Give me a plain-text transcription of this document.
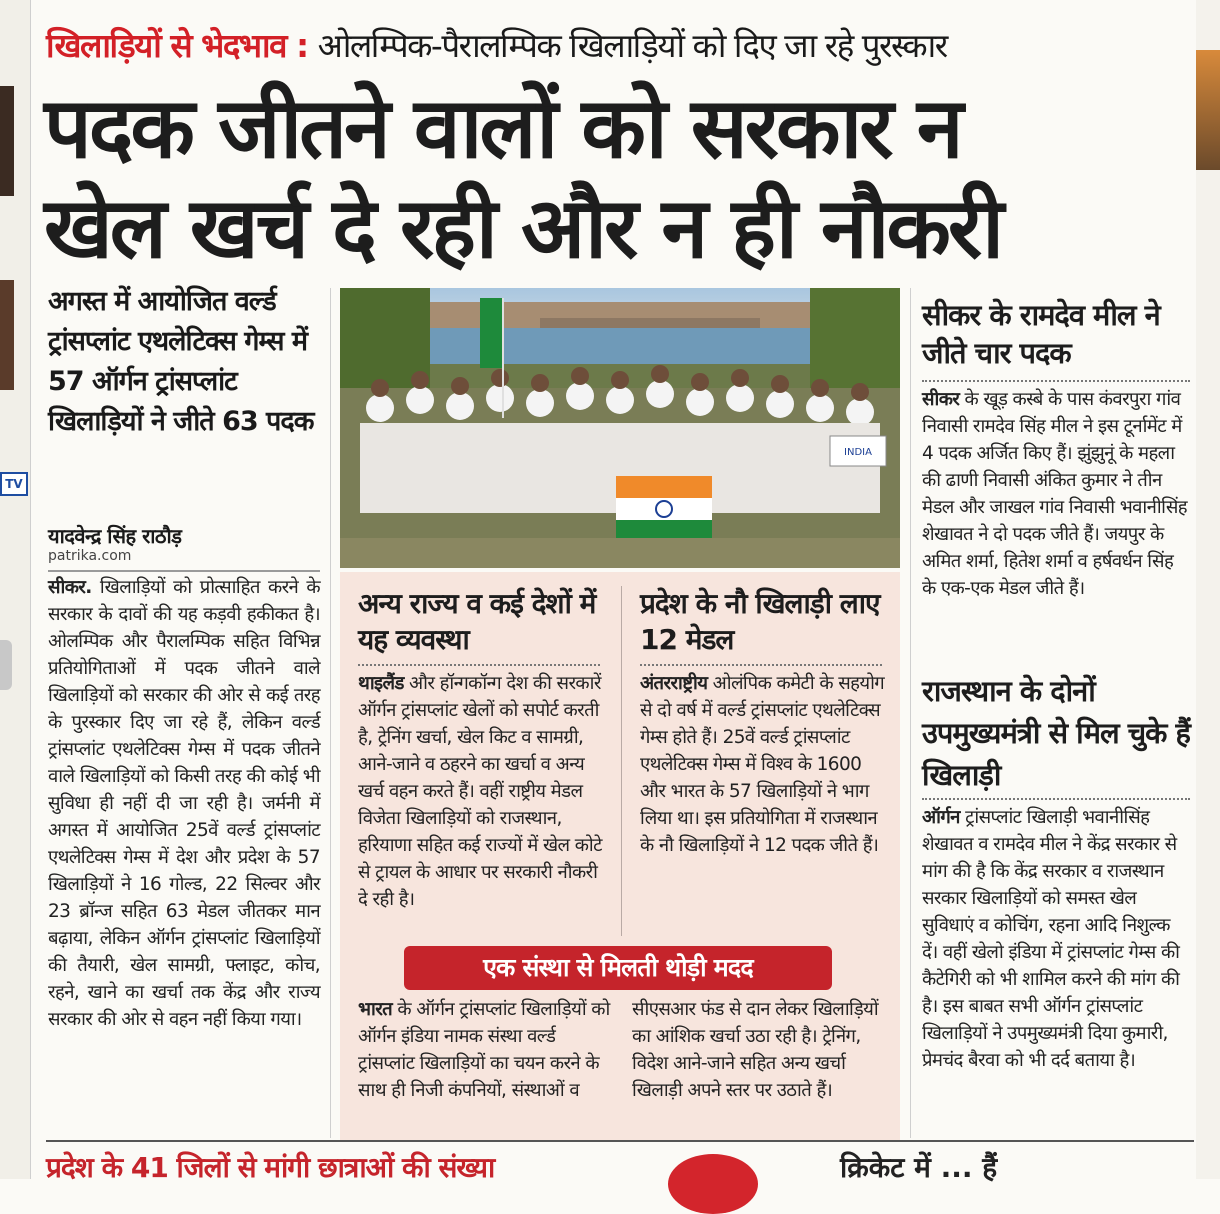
TV
खिलाड़ियों से भेदभाव : ओलम्पिक-पैरालम्पिक खिलाड़ियों को दिए जा रहे पुरस्कार
पदक जीतने वालों को सरकार न
खेल खर्च दे रही और न ही नौकरी
अगस्त में आयोजित वर्ल्ड ट्रांसप्लांट एथलेटिक्स गेम्स में 57 ऑर्गन ट्रांसप्लांट खिलाड़ियों ने जीते 63 पदक
यादवेन्द्र सिंह राठौड़
patrika.com
सीकर. खिलाड़ियों को प्रोत्साहित करने के सरकार के दावों की यह कड़वी हकीकत है। ओलम्पिक और पैरालम्पिक सहित विभिन्न प्रतियोगिताओं में पदक जीतने वाले खिलाड़ियों को सरकार की ओर से कई तरह के पुरस्कार दिए जा रहे हैं, लेकिन वर्ल्ड ट्रांसप्लांट एथलेटिक्स गेम्स में पदक जीतने वाले खिलाड़ियों को किसी तरह की कोई भी सुविधा ही नहीं दी जा रही है। जर्मनी में अगस्त में आयोजित 25वें वर्ल्ड ट्रांसप्लांट एथलेटिक्स गेम्स में देश और प्रदेश के 57 खिलाड़ियों ने 16 गोल्ड, 22 सिल्वर और 23 ब्रॉन्ज सहित 63 मेडल जीतकर मान बढ़ाया, लेकिन ऑर्गन ट्रांसप्लांट खिलाड़ियों की तैयारी, खेल सामग्री, फ्लाइट, कोच, रहने, खाने का खर्चा तक केंद्र और राज्य सरकार की ओर से वहन नहीं किया गया।
INDIA
अन्य राज्य व कई देशों में यह व्यवस्था
थाइलैंड और हॉन्गकॉन्ग देश की सरकारें ऑर्गन ट्रांसप्लांट खेलों को सपोर्ट करती है, ट्रेनिंग खर्चा, खेल किट व सामग्री, आने-जाने व ठहरने का खर्चा व अन्य खर्च वहन करते हैं। वहीं राष्ट्रीय मेडल विजेता खिलाड़ियों को राजस्थान, हरियाणा सहित कई राज्यों में खेल कोटे से ट्रायल के आधार पर सरकारी नौकरी दे रही है।
प्रदेश के नौ खिलाड़ी लाए 12 मेडल
अंतरराष्ट्रीय ओलंपिक कमेटी के सहयोग से दो वर्ष में वर्ल्ड ट्रांसप्लांट एथलेटिक्स गेम्स होते हैं। 25वें वर्ल्ड ट्रांसप्लांट एथलेटिक्स गेम्स में विश्व के 1600 और भारत के 57 खिलाड़ियों ने भाग लिया था। इस प्रतियोगिता में राजस्थान के नौ खिलाड़ियों ने 12 पदक जीते हैं।
एक संस्था से मिलती थोड़ी मदद
भारत के ऑर्गन ट्रांसप्लांट खिलाड़ियों को ऑर्गन इंडिया नामक संस्था वर्ल्ड ट्रांसप्लांट खिलाड़ियों का चयन करने के साथ ही निजी कंपनियों, संस्थाओं व
सीएसआर फंड से दान लेकर खिलाड़ियों का आंशिक खर्चा उठा रही है। ट्रेनिंग, विदेश आने-जाने सहित अन्य खर्चा खिलाड़ी अपने स्तर पर उठाते हैं।
सीकर के रामदेव मील ने जीते चार पदक
सीकर के खूड़ कस्बे के पास कंवरपुरा गांव निवासी रामदेव सिंह मील ने इस टूर्नामेंट में 4 पदक अर्जित किए हैं। झुंझुनूं के महला की ढाणी निवासी अंकित कुमार ने तीन मेडल और जाखल गांव निवासी भवानीसिंह शेखावत ने दो पदक जीते हैं। जयपुर के अमित शर्मा, हितेश शर्मा व हर्षवर्धन सिंह के एक-एक मेडल जीते हैं।
राजस्थान के दोनों उपमुख्यमंत्री से मिल चुके हैं खिलाड़ी
ऑर्गन ट्रांसप्लांट खिलाड़ी भवानीसिंह शेखावत व रामदेव मील ने केंद्र सरकार से मांग की है कि केंद्र सरकार व राजस्थान सरकार खिलाड़ियों को समस्त खेल सुविधाएं व कोचिंग, रहना आदि निशुल्क दें। वहीं खेलो इंडिया में ट्रांसप्लांट गेम्स की कैटेगिरी को भी शामिल करने की मांग की है। इस बाबत सभी ऑर्गन ट्रांसप्लांट खिलाड़ियों ने उपमुख्यमंत्री दिया कुमारी, प्रेमचंद बैरवा को भी दर्द बताया है।
प्रदेश के 41 जिलों से मांगी छात्राओं की संख्या	क्रिकेट में ... हैं
